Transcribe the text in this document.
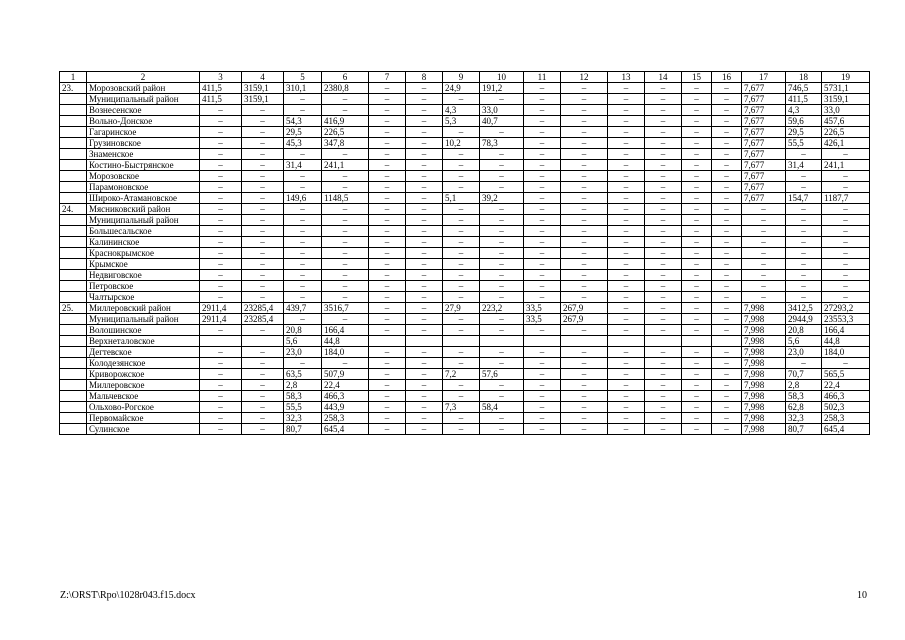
1	2	3	4	5	6	7	8	9	10	11	12	13	14	15	16	17	18	19
23.	Морозовский район	411,5	3159,1	310,1	2380,8	–	–	24,9	191,2	–	–	–	–	–	–	7,677	746,5	5731,1
	Муниципальный район	411,5	3159,1	–	–	–	–	–	–	–	–	–	–	–	–	7,677	411,5	3159,1
	Вознесенское	–	–	–	–	–	–	4,3	33,0	–	–	–	–	–	–	7,677	4,3	33,0
	Вольно-Донское	–	–	54,3	416,9	–	–	5,3	40,7	–	–	–	–	–	–	7,677	59,6	457,6
	Гагаринское	–	–	29,5	226,5	–	–	–	–	–	–	–	–	–	–	7,677	29,5	226,5
	Грузиновское	–	–	45,3	347,8	–	–	10,2	78,3	–	–	–	–	–	–	7,677	55,5	426,1
	Знаменское	–	–	–	–	–	–	–	–	–	–	–	–	–	–	7,677	–	–
	Костино-Быстрянское	–	–	31,4	241,1	–	–	–	–	–	–	–	–	–	–	7,677	31,4	241,1
	Морозовское	–	–	–	–	–	–	–	–	–	–	–	–	–	–	7,677	–	–
	Парамоновское	–	–	–	–	–	–	–	–	–	–	–	–	–	–	7,677	–	–
	Широко-Атамановское	–	–	149,6	1148,5	–	–	5,1	39,2	–	–	–	–	–	–	7,677	154,7	1187,7
24.	Мясниковский район	–	–	–	–	–	–	–	–	–	–	–	–	–	–	–	–	–
	Муниципальный район	–	–	–	–	–	–	–	–	–	–	–	–	–	–	–	–	–
	Большесальское	–	–	–	–	–	–	–	–	–	–	–	–	–	–	–	–	–
	Калининское	–	–	–	–	–	–	–	–	–	–	–	–	–	–	–	–	–
	Краснокрымское	–	–	–	–	–	–	–	–	–	–	–	–	–	–	–	–	–
	Крымское	–	–	–	–	–	–	–	–	–	–	–	–	–	–	–	–	–
	Недвиговское	–	–	–	–	–	–	–	–	–	–	–	–	–	–	–	–	–
	Петровское	–	–	–	–	–	–	–	–	–	–	–	–	–	–	–	–	–
	Чалтырское	–	–	–	–	–	–	–	–	–	–	–	–	–	–	–	–	–
25.	Миллеровский район	2911,4	23285,4	439,7	3516,7	–	–	27,9	223,2	33,5	267,9	–	–	–	–	7,998	3412,5	27293,2
	Муниципальный район	2911,4	23285,4	–	–	–	–	–	–	33,5	267,9	–	–	–	–	7,998	2944,9	23553,3
	Волошинское	–	–	20,8	166,4	–	–	–	–	–	–	–	–	–	–	7,998	20,8	166,4
	Верхнеталовское			5,6	44,8											7,998	5,6	44,8
	Дегтевское	–	–	23,0	184,0	–	–	–	–	–	–	–	–	–	–	7,998	23,0	184,0
	Колодезянское	–	–	–	–	–	–	–	–	–	–	–	–	–	–	7,998	–	–
	Криворожское	–	–	63,5	507,9	–	–	7,2	57,6	–	–	–	–	–	–	7,998	70,7	565,5
	Миллеровское	–	–	2,8	22,4	–	–	–	–	–	–	–	–	–	–	7,998	2,8	22,4
	Мальчевское	–	–	58,3	466,3	–	–	–	–	–	–	–	–	–	–	7,998	58,3	466,3
	Ольхово-Рогское	–	–	55,5	443,9	–	–	7,3	58,4	–	–	–	–	–	–	7,998	62,8	502,3
	Первомайское	–	–	32,3	258,3	–	–	–	–	–	–	–	–	–	–	7,998	32,3	258,3
	Сулинское	–	–	80,7	645,4	–	–	–	–	–	–	–	–	–	–	7,998	80,7	645,4
Z:\ORST\Rpo\1028r043.f15.docx	10
